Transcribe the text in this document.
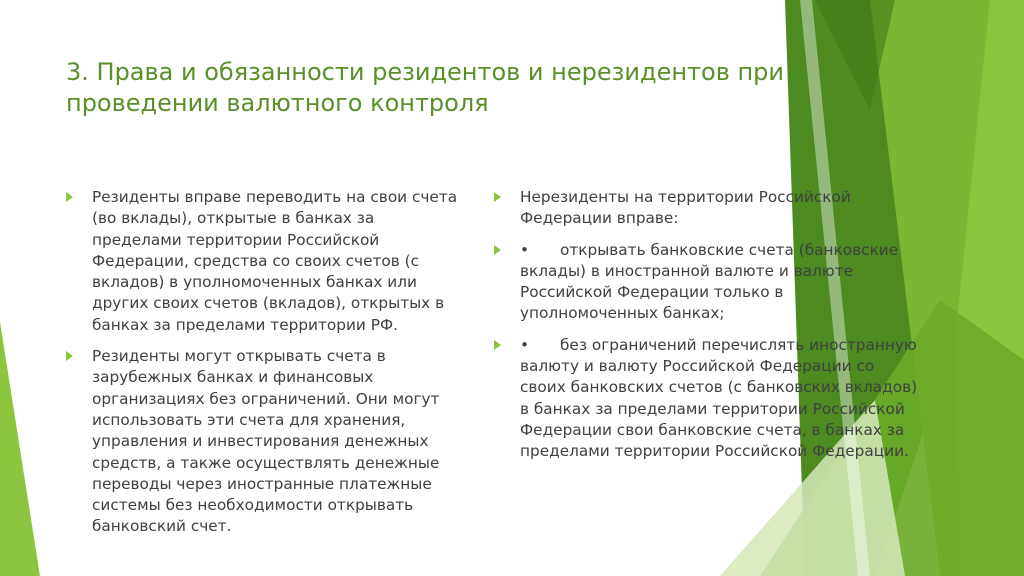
3. Права и обязанности резидентов и нерезидентов при проведении валютного контроля

Резиденты вправе переводить на свои счета (во вклады), открытые в банках за пределами территории Российской Федерации, средства со своих счетов (с вкладов) в уполномоченных банках или других своих счетов (вкладов), открытых в банках за пределами территории РФ.

Резиденты могут открывать счета в зарубежных банках и финансовых организациях без ограничений. Они могут использовать эти счета для хранения, управления и инвестирования денежных средств, а также осуществлять денежные переводы через иностранные платежные системы без необходимости открывать банковский счет.

Нерезиденты на территории Российской Федерации вправе:

• открывать банковские счета (банковские вклады) в иностранной валюте и валюте Российской Федерации только в уполномоченных банках;

• без ограничений перечислять иностранную валюту и валюту Российской Федерации со своих банковских счетов (с банковских вкладов) в банках за пределами территории Российской Федерации свои банковские счета, в банках за пределами территории Российской Федерации.
